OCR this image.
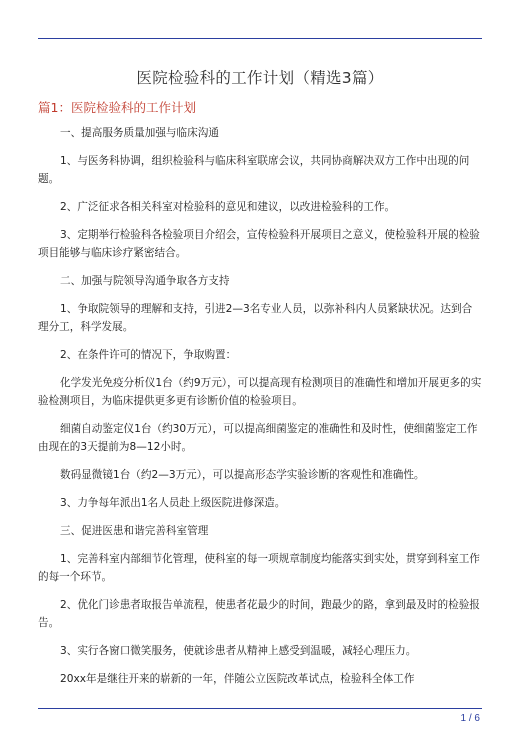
医院检验科的工作计划（精选3篇）
篇1：医院检验科的工作计划

一、提高服务质量加强与临床沟通

1、与医务科协调，组织检验科与临床科室联席会议，共同协商解决双方工作中出现的问题。

2、广泛征求各相关科室对检验科的意见和建议，以改进检验科的工作。

3、定期举行检验科各检验项目介绍会，宣传检验科开展项目之意义，使检验科开展的检验项目能够与临床诊疗紧密结合。

二、加强与院领导沟通争取各方支持

1、争取院领导的理解和支持，引进2—3名专业人员，以弥补科内人员紧缺状况。达到合理分工，科学发展。

2、在条件许可的情况下，争取购置：

化学发光免疫分析仪1台（约9万元），可以提高现有检测项目的准确性和增加开展更多的实验检测项目，为临床提供更多更有诊断价值的检验项目。

细菌自动鉴定仪1台（约30万元），可以提高细菌鉴定的准确性和及时性，使细菌鉴定工作由现在的3天提前为8—12小时。

数码显微镜1台（约2—3万元），可以提高形态学实验诊断的客观性和准确性。

3、力争每年派出1名人员赴上级医院进修深造。

三、促进医患和谐完善科室管理

1、完善科室内部细节化管理，使科室的每一项规章制度均能落实到实处，贯穿到科室工作的每一个环节。

2、优化门诊患者取报告单流程，使患者花最少的时间，跑最少的路，拿到最及时的检验报告。

3、实行各窗口微笑服务，使就诊患者从精神上感受到温暖，减轻心理压力。

20xx年是继往开来的崭新的一年，伴随公立医院改革试点，检验科全体工作

1 / 6
